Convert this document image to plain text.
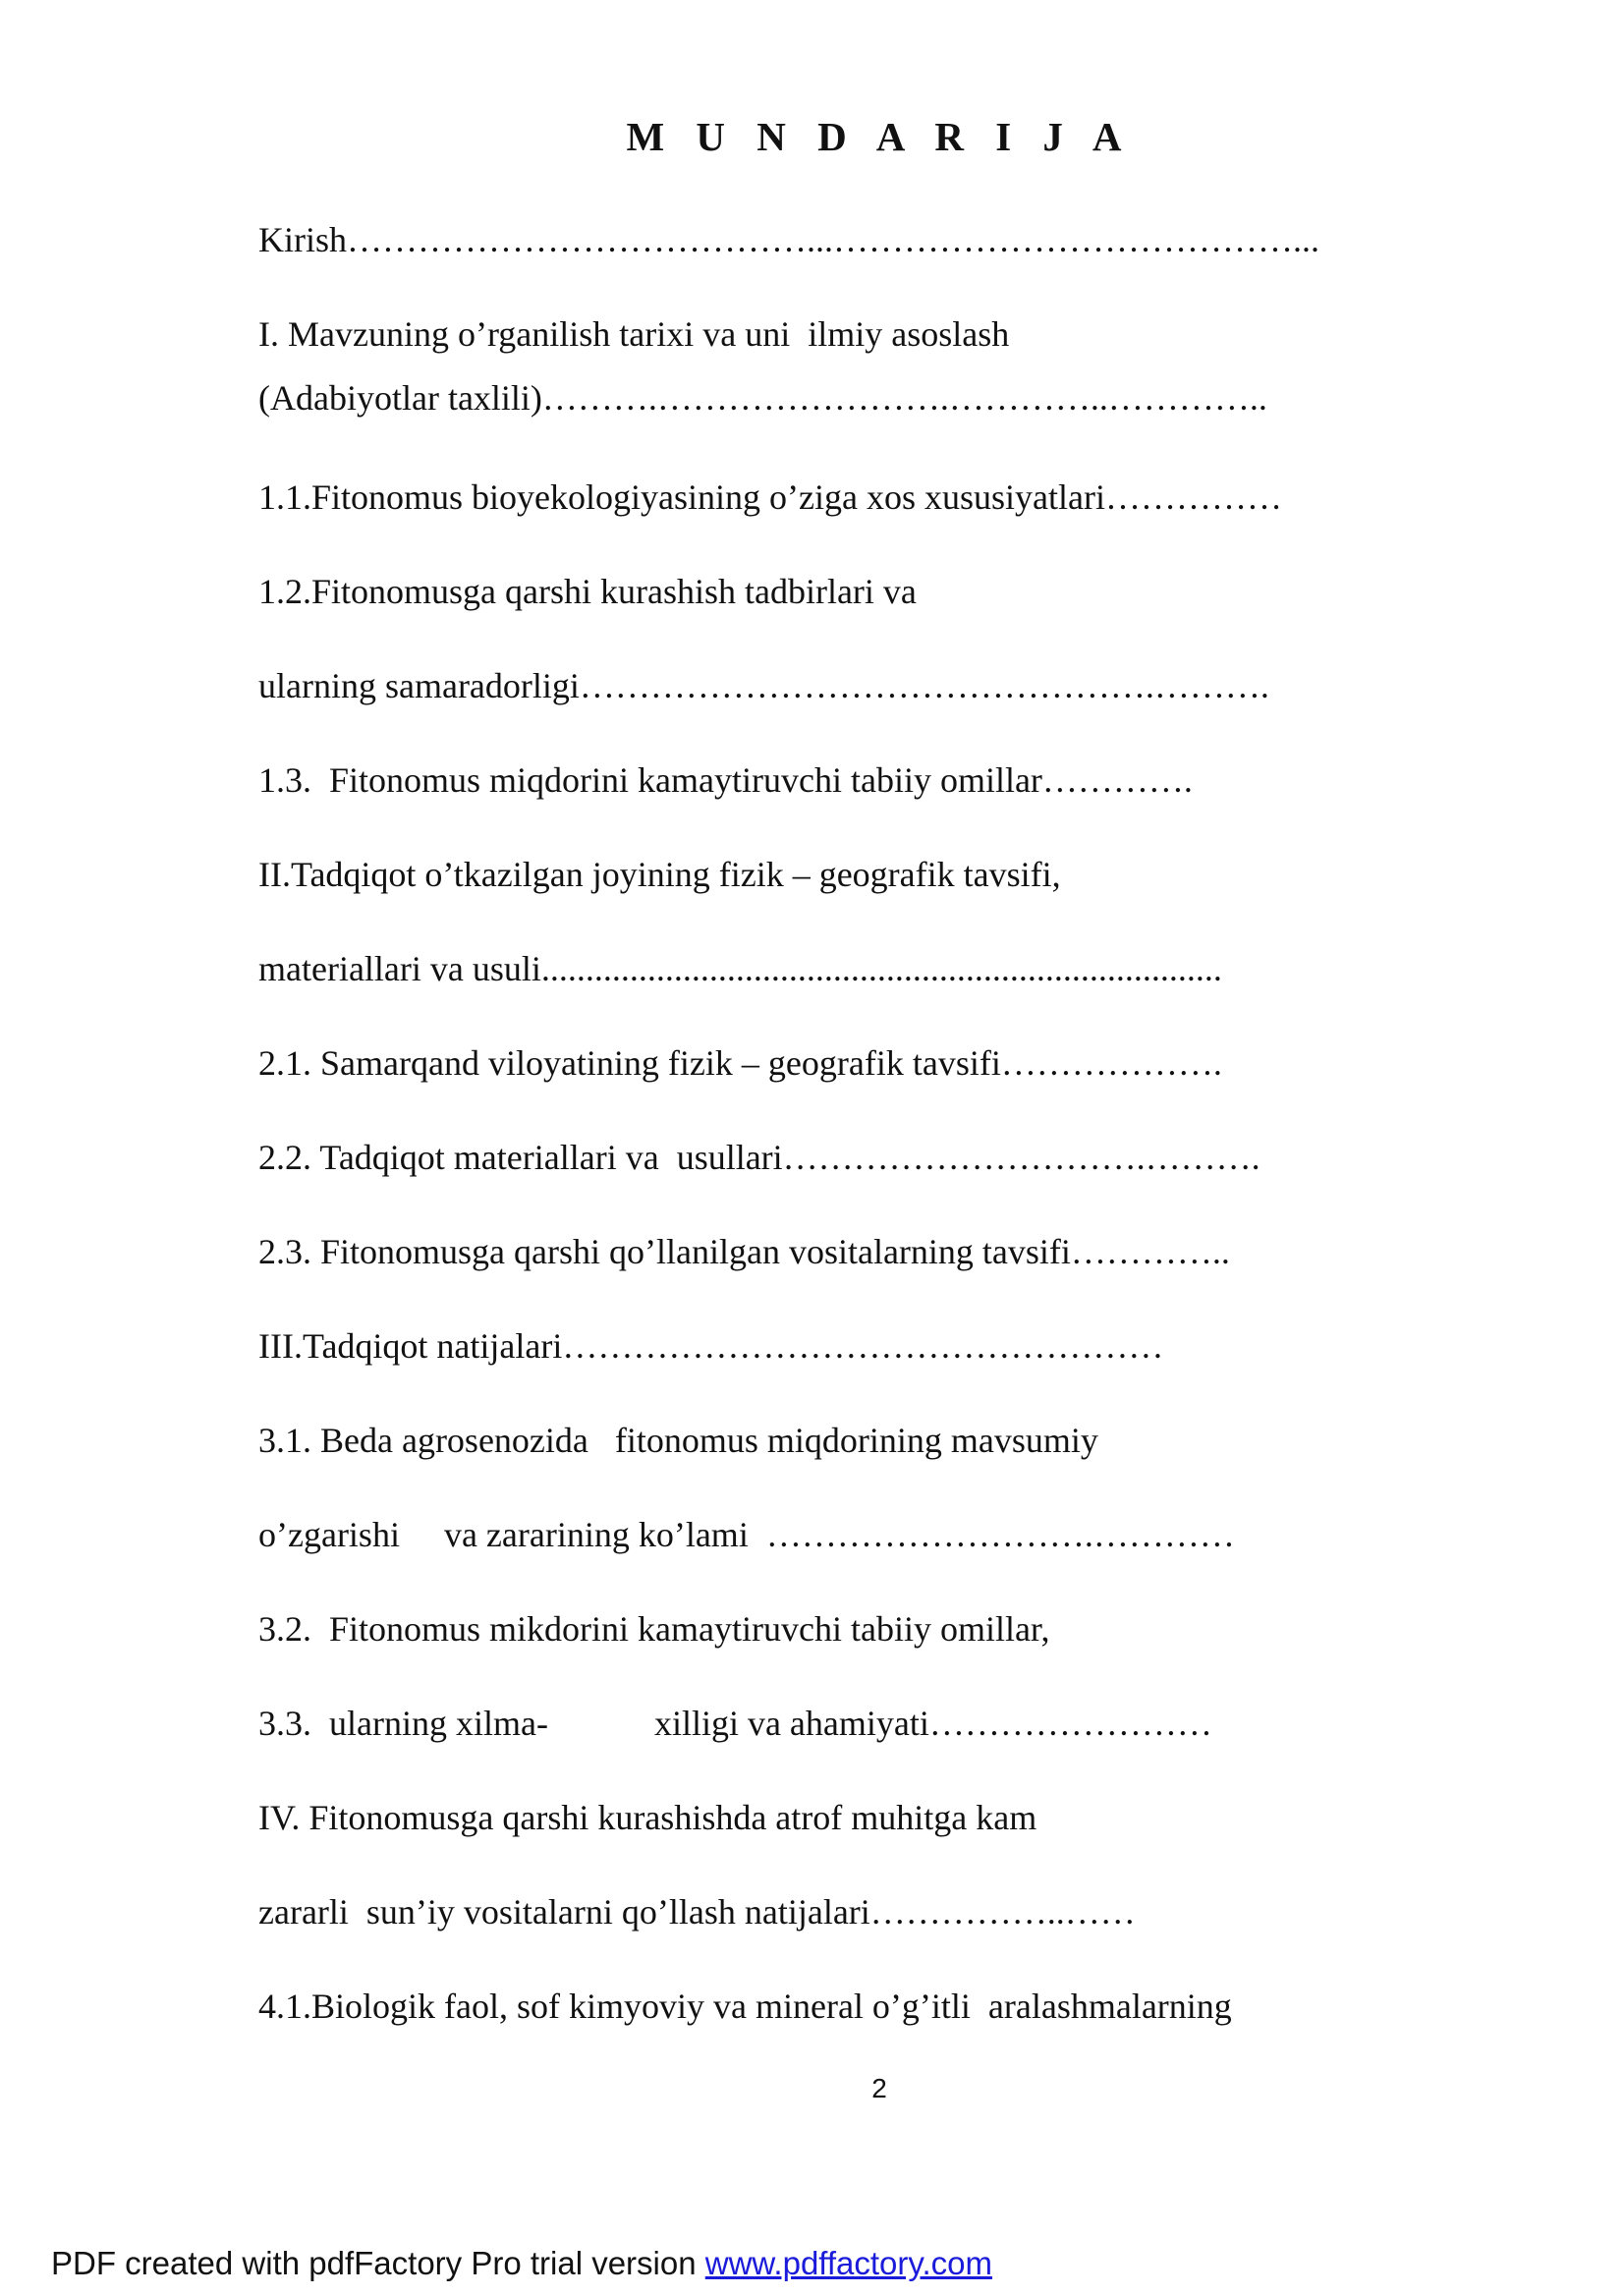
M U N D A R I J A
Kirish…………………………………...…………………………………...
I. Mavzuning o’rganilish tarixi va uni  ilmiy asoslash
(Adabiyotlar taxlili)……….…………………….…………..…………..
1.1.Fitonomus bioyekologiyasining o’ziga xos xususiyatlari……………
1.2.Fitonomusga qarshi kurashish tadbirlari va
ularning samaradorligi………………………………………….……….
1.3.  Fitonomus miqdorini kamaytiruvchi tabiiy omillar………….
II.Tadqiqot o’tkazilgan joyining fizik – geografik tavsifi,
materiallari va usuli.............................................................................
2.1. Samarqand viloyatining fizik – geografik tavsifi……………….
2.2. Tadqiqot materiallari va  usullari………………………….……….
2.3. Fitonomusga qarshi qo’llanilgan vositalarning tavsifi…………..
III.Tadqiqot natijalari……………………………………………
3.1. Beda agrosenozida   fitonomus miqdorining mavsumiy
o’zgarishi     va zararining ko’lami  ……………………….…………
3.2.  Fitonomus mikdorini kamaytiruvchi tabiiy omillar,
3.3.  ularning xilma-            xilligi va ahamiyati……………………
IV. Fitonomusga qarshi kurashishda atrof muhitga kam
zararli  sun’iy vositalarni qo’llash natijalari……………..……
4.1.Biologik faol, sof kimyoviy va mineral o’g’itli  aralashmalarning
2
PDF created with pdfFactory Pro trial version www.pdffactory.com
